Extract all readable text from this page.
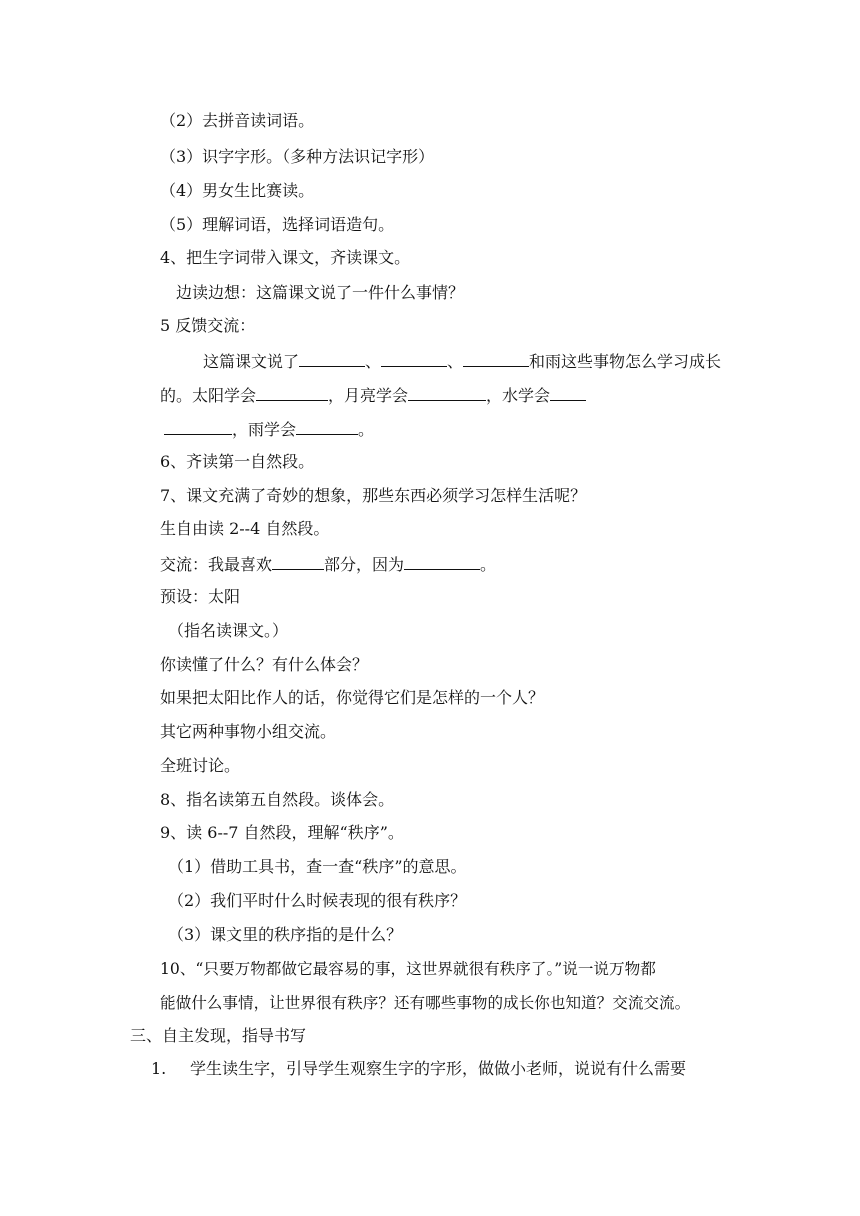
（2）去拼音读词语。
（3）识字字形。（多种方法识记字形）
（4）男女生比赛读。
（5）理解词语，选择词语造句。
4、把生字词带入课文，齐读课文。
边读边想：这篇课文说了一件什么事情？
5 反馈交流：
这篇课文说了	、	、	和雨这些事物怎么学习成长
的。太阳学会	，月亮学会	，水学会
，雨学会	。
6、齐读第一自然段。
7、课文充满了奇妙的想象，那些东西必须学习怎样生活呢？
生自由读 2--4 自然段。
交流：我最喜欢	部分，因为	。
预设：太阳
（指名读课文。）
你读懂了什么？有什么体会？
如果把太阳比作人的话，你觉得它们是怎样的一个人？
其它两种事物小组交流。
全班讨论。
8、指名读第五自然段。谈体会。
9、读 6--7 自然段，理解“秩序”。
（1）借助工具书，查一查“秩序”的意思。
（2）我们平时什么时候表现的很有秩序？
（3）课文里的秩序指的是什么？
10、“只要万物都做它最容易的事，这世界就很有秩序了。”说一说万物都
能做什么事情，让世界很有秩序？还有哪些事物的成长你也知道？交流交流。
三、自主发现，指导书写
1. 学生读生字，引导学生观察生字的字形，做做小老师，说说有什么需要
